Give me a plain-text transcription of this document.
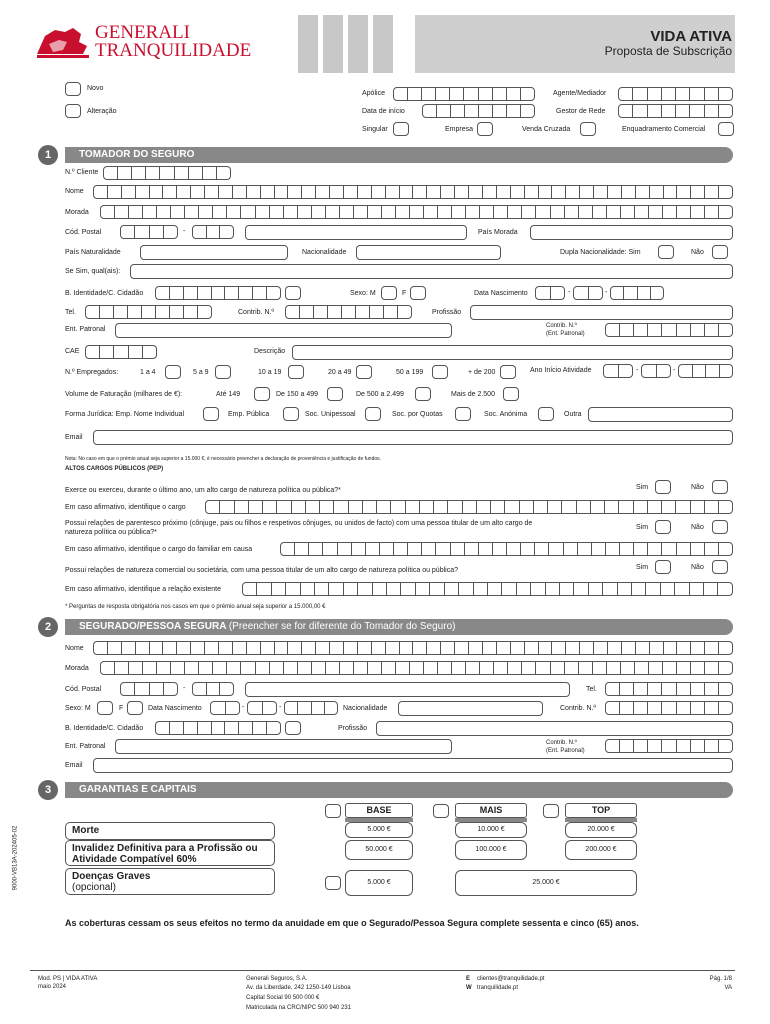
GENERALI
TRANQUILIDADE
VIDA ATIVA
Proposta de Subscrição
Novo
Alteração
Apólice
Data de início
Agente/Mediador
Gestor de Rede
Singular	Empresa	Venda Cruzada	Enquadramento Comercial
1	TOMADOR DO SEGURO
N.º Cliente
Nome
Morada
Cód. Postal	-	País Morada
País Naturalidade	Nacionalidade	Dupla Nacionalidade: Sim	Não
Se Sim, qual(ais):
B. Identidade/C. Cidadão	Sexo: M	F	Data Nascimento	-	-
Tel.	Contrib. N.º	Profissão
Ent. Patronal	Contrib. N.º
(Ent. Patronal)
CAE	Descrição
N.º Empregados:	1 a 4	5 a 9	10 a 19	20 a 49	50 a 199	+ de 200	Ano Início Atividade	-	-
Volume de Faturação (milhares de €):	Até 149	De 150 a 499	De 500 a 2.499	Mais de 2.500
Forma Jurídica: Emp. Nome Individual	Emp. Pública	Soc. Unipessoal	Soc. por Quotas	Soc. Anónima	Outra
Email
Nota: No caso em que o prémio anual seja superior a 15.000 €, é necessário preencher a declaração de proveniência e justificação de fundos.
ALTOS CARGOS PÚBLICOS (PEP)
Exerce ou exerceu, durante o último ano, um alto cargo de natureza política ou pública?*	Sim	Não
Em caso afirmativo, identifique o cargo
Possui relações de parentesco próximo (cônjuge, pais ou filhos e respetivos cônjuges, ou unidos de facto) com uma pessoa titular de um alto cargo de
natureza política ou pública?*
Sim	Não
Em caso afirmativo, identifique o cargo do familiar em causa
Possui relações de natureza comercial ou societária, com uma pessoa titular de um alto cargo de natureza política ou pública?	Sim	Não
Em caso afirmativo, identifique a relação existente
* Perguntas de resposta obrigatória nos casos em que o prémio anual seja superior a 15.000,00 €
2	SEGURADO/PESSOA SEGURA (Preencher se for diferente do Tomador do Seguro)
Nome
Morada
Cód. Postal	-	Tel.
Sexo: M	F	Data Nascimento	-	-	Nacionalidade	Contrib. N.º
B. Identidade/C. Cidadão	Profissão
Ent. Patronal	Contrib. N.º
(Ent. Patronal)
Email
3	GARANTIAS E CAPITAIS
BASE	MAIS	TOP
Morte	5.000 €	10.000 €	20.000 €
Invalidez Definitiva para a Profissão ou
Atividade Compatível 60%
50.000 €	100.000 €	200.000 €
Doenças Graves
(opcional)	5.000 €	25.000 €
As coberturas cessam os seus efeitos no termo da anuidade em que o Segurado/Pessoa Segura complete sessenta e cinco (65) anos.
9000-VB13A-202405-02
Mod. PS | VIDA ATIVA
maio 2024
Generali Seguros, S.A.
Av. da Liberdade, 242 1250-149 Lisboa
Capital Social 90 500 000 €
Matriculada na CRC/NIPC 500 940 231
E clientes@tranquilidade.pt
W tranquilidade.pt
Pág. 1/8
VA
